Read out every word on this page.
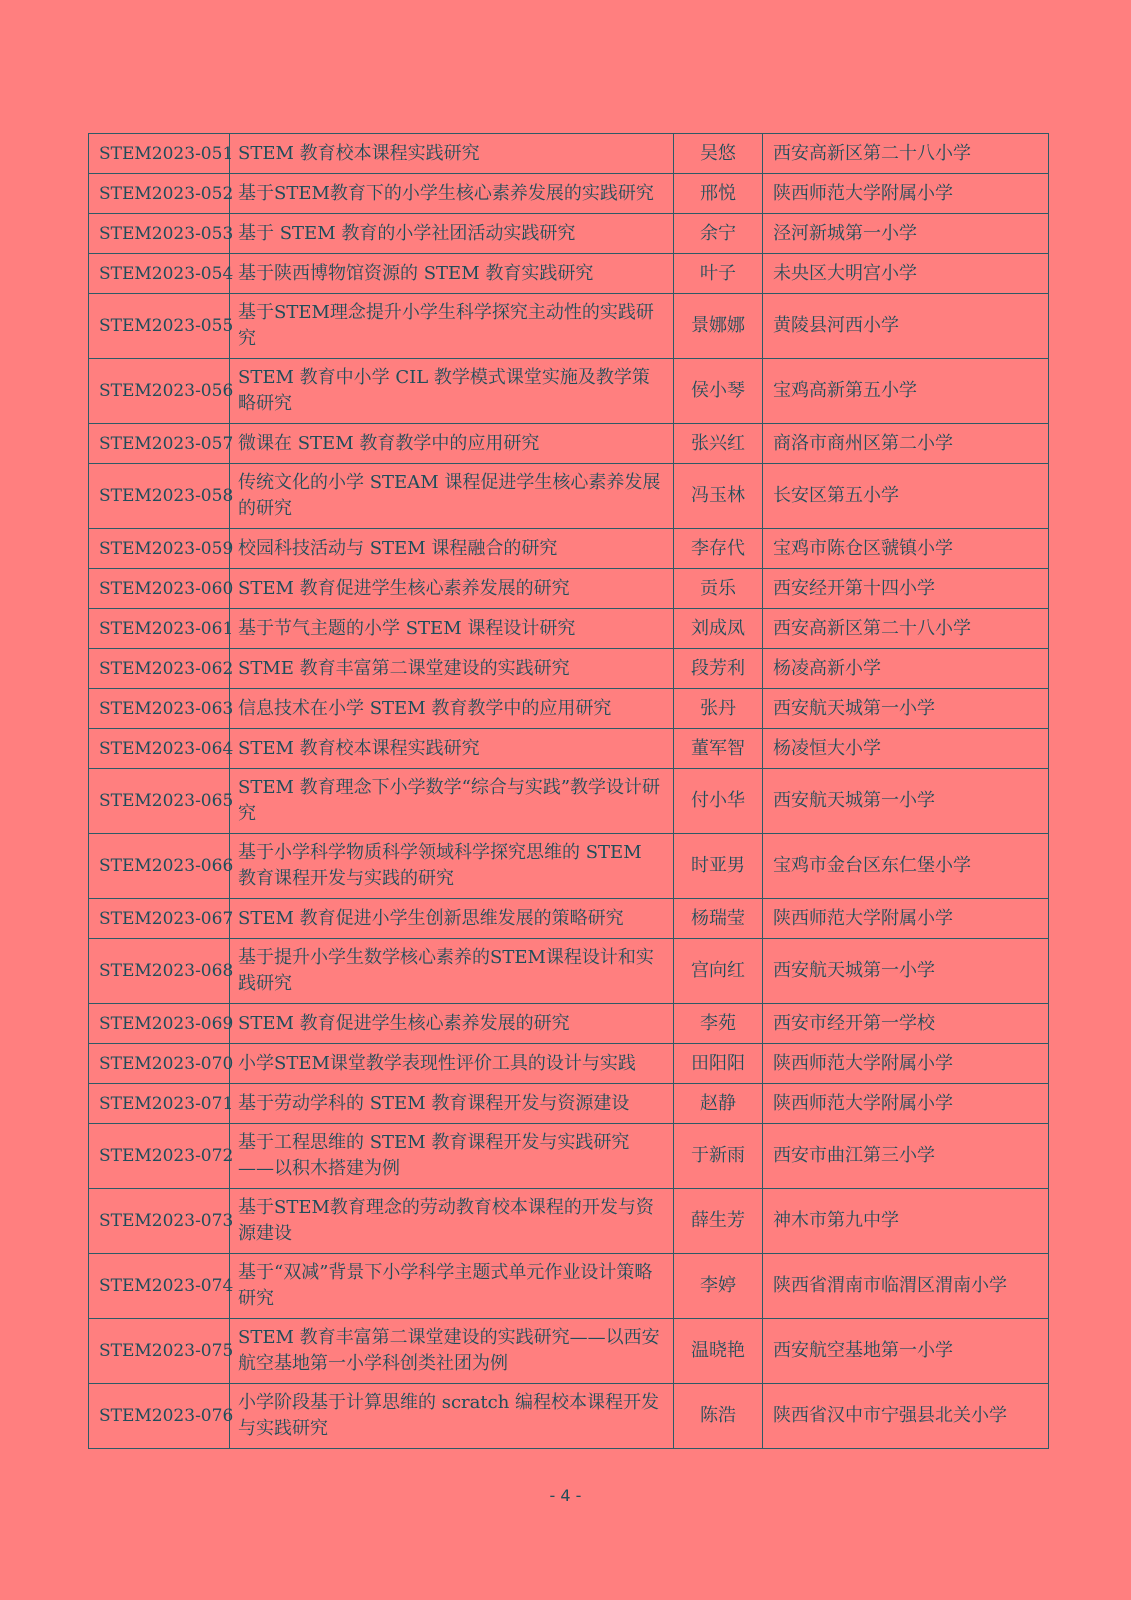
STEM2023-051	STEM 教育校本课程实践研究	吴悠	西安高新区第二十八小学
STEM2023-052	基于STEM教育下的小学生核心素养发展的实践研究	邢悦	陕西师范大学附属小学
STEM2023-053	基于 STEM 教育的小学社团活动实践研究	余宁	泾河新城第一小学
STEM2023-054	基于陕西博物馆资源的 STEM 教育实践研究	叶子	未央区大明宫小学
STEM2023-055	基于STEM理念提升小学生科学探究主动性的实践研究	景娜娜	黄陵县河西小学
STEM2023-056	STEM 教育中小学 CIL 教学模式课堂实施及教学策略研究	侯小琴	宝鸡高新第五小学
STEM2023-057	微课在 STEM 教育教学中的应用研究	张兴红	商洛市商州区第二小学
STEM2023-058	传统文化的小学 STEAM 课程促进学生核心素养发展的研究	冯玉林	长安区第五小学
STEM2023-059	校园科技活动与 STEM 课程融合的研究	李存代	宝鸡市陈仓区虢镇小学
STEM2023-060	STEM 教育促进学生核心素养发展的研究	贡乐	西安经开第十四小学
STEM2023-061	基于节气主题的小学 STEM 课程设计研究	刘成凤	西安高新区第二十八小学
STEM2023-062	STME 教育丰富第二课堂建设的实践研究	段芳利	杨凌高新小学
STEM2023-063	信息技术在小学 STEM 教育教学中的应用研究	张丹	西安航天城第一小学
STEM2023-064	STEM 教育校本课程实践研究	董军智	杨凌恒大小学
STEM2023-065	STEM 教育理念下小学数学“综合与实践”教学设计研究	付小华	西安航天城第一小学
STEM2023-066	基于小学科学物质科学领域科学探究思维的 STEM 教育课程开发与实践的研究	时亚男	宝鸡市金台区东仁堡小学
STEM2023-067	STEM 教育促进小学生创新思维发展的策略研究	杨瑞莹	陕西师范大学附属小学
STEM2023-068	基于提升小学生数学核心素养的STEM课程设计和实践研究	宫向红	西安航天城第一小学
STEM2023-069	STEM 教育促进学生核心素养发展的研究	李苑	西安市经开第一学校
STEM2023-070	小学STEM课堂教学表现性评价工具的设计与实践	田阳阳	陕西师范大学附属小学
STEM2023-071	基于劳动学科的 STEM 教育课程开发与资源建设	赵静	陕西师范大学附属小学
STEM2023-072	基于工程思维的 STEM 教育课程开发与实践研究——以积木搭建为例	于新雨	西安市曲江第三小学
STEM2023-073	基于STEM教育理念的劳动教育校本课程的开发与资源建设	薛生芳	神木市第九中学
STEM2023-074	基于“双减”背景下小学科学主题式单元作业设计策略研究	李婷	陕西省渭南市临渭区渭南小学
STEM2023-075	STEM 教育丰富第二课堂建设的实践研究——以西安航空基地第一小学科创类社团为例	温晓艳	西安航空基地第一小学
STEM2023-076	小学阶段基于计算思维的 scratch 编程校本课程开发与实践研究	陈浩	陕西省汉中市宁强县北关小学
- 4 -
